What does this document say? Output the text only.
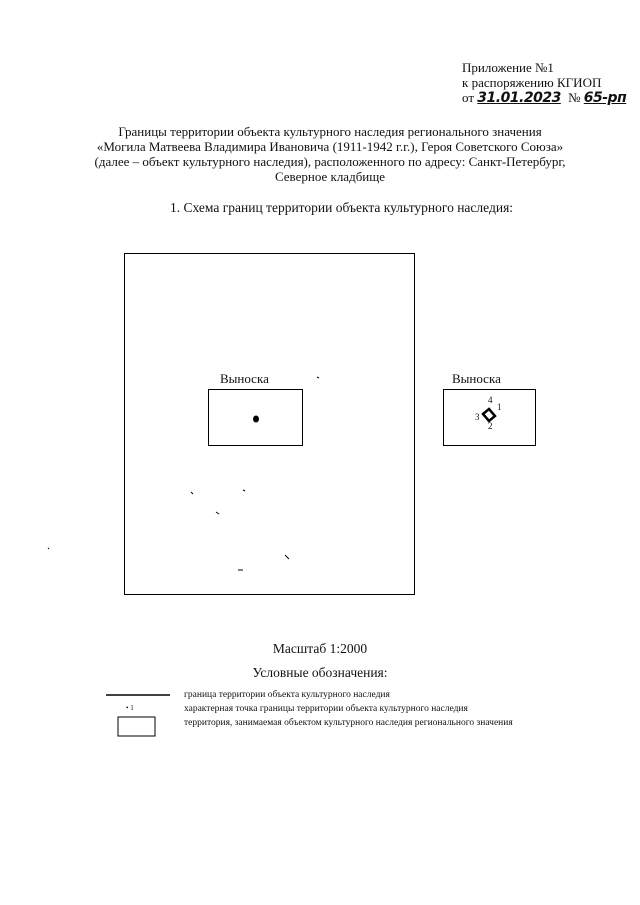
Приложение №1
к распоряжению КГИОП
от 31.01.2023 № 65-рп
Границы территории объекта культурного наследия регионального значения
«Могила Матвеева Владимира Ивановича (1911-1942 г.г.), Героя Советского Союза»
(далее – объект культурного наследия), расположенного по адресу: Санкт-Петербург,
Северное кладбище
1. Схема границ территории объекта культурного наследия:
Выноска	Выноска
4
1
3
2
• 1
Масштаб 1:2000
Условные обозначения:
граница территории объекта культурного наследия
характерная точка границы территории объекта культурного наследия
территория, занимаемая объектом культурного наследия регионального значения
